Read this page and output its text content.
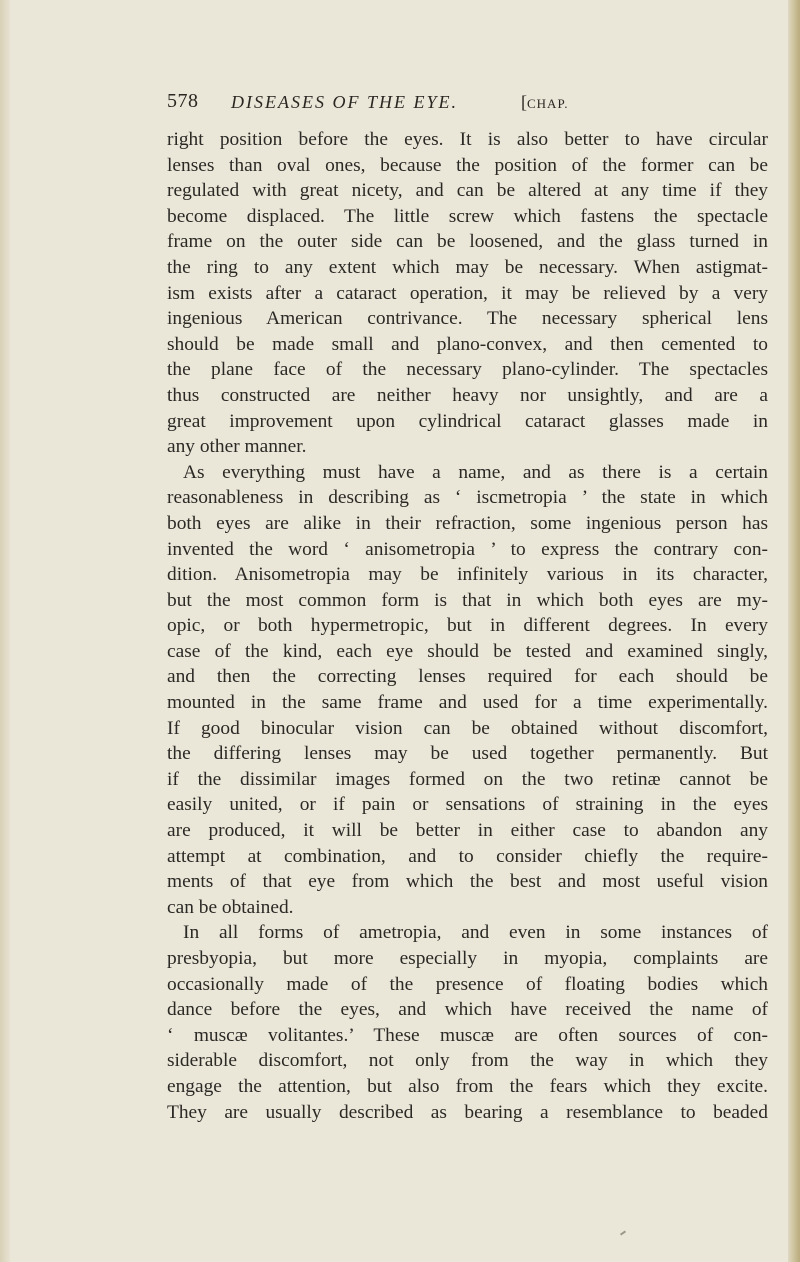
578 DISEASES OF THE EYE.	[CHAP.

right position before the eyes. It is also better to have circular
lenses than oval ones, because the position of the former can be
regulated with great nicety, and can be altered at any time if they
become displaced. The little screw which fastens the spectacle
frame on the outer side can be loosened, and the glass turned in
the ring to any extent which may be necessary. When astigmat-
ism exists after a cataract operation, it may be relieved by a very
ingenious American contrivance. The necessary spherical lens
should be made small and plano-convex, and then cemented to
the plane face of the necessary plano-cylinder. The spectacles
thus constructed are neither heavy nor unsightly, and are a
great improvement upon cylindrical cataract glasses made in
any other manner.

As everything must have a name, and as there is a certain
reasonableness in describing as ‘ iscmetropia ’ the state in which
both eyes are alike in their refraction, some ingenious person has
invented the word ‘ anisometropia ’ to express the contrary con-
dition. Anisometropia may be infinitely various in its character,
but the most common form is that in which both eyes are my-
opic, or both hypermetropic, but in different degrees. In every
case of the kind, each eye should be tested and examined singly,
and then the correcting lenses required for each should be
mounted in the same frame and used for a time experimentally.
If good binocular vision can be obtained without discomfort,
the differing lenses may be used together permanently. But
if the dissimilar images formed on the two retinæ cannot be
easily united, or if pain or sensations of straining in the eyes
are produced, it will be better in either case to abandon any
attempt at combination, and to consider chiefly the require-
ments of that eye from which the best and most useful vision
can be obtained.

In all forms of ametropia, and even in some instances of
presbyopia, but more especially in myopia, complaints are
occasionally made of the presence of floating bodies which
dance before the eyes, and which have received the name of
‘ muscæ volitantes.’ These muscæ are often sources of con-
siderable discomfort, not only from the way in which they
engage the attention, but also from the fears which they excite.
They are usually described as bearing a resemblance to beaded
